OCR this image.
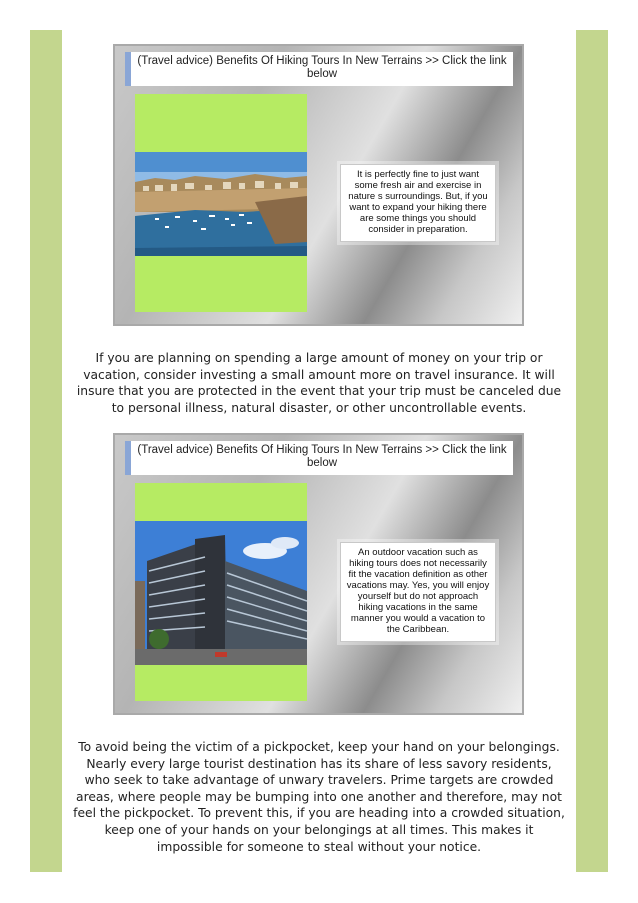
(Travel advice) Benefits Of Hiking Tours In New Terrains >> Click the link below
It is perfectly fine to just want some fresh air and exercise in nature s surroundings. But, if you want to expand your hiking there are some things you should consider in preparation.
If you are planning on spending a large amount of money on your trip or vacation, consider investing a small amount more on travel insurance. It will insure that you are protected in the event that your trip must be canceled due to personal illness, natural disaster, or other uncontrollable events.
(Travel advice) Benefits Of Hiking Tours In New Terrains >> Click the link below
An outdoor vacation such as hiking tours does not necessarily fit the vacation definition as other vacations may. Yes, you will enjoy yourself but do not approach hiking vacations in the same manner you would a vacation to the Caribbean.
To avoid being the victim of a pickpocket, keep your hand on your belongings. Nearly every large tourist destination has its share of less savory residents, who seek to take advantage of unwary travelers. Prime targets are crowded areas, where people may be bumping into one another and therefore, may not feel the pickpocket. To prevent this, if you are heading into a crowded situation, keep one of your hands on your belongings at all times. This makes it impossible for someone to steal without your notice.
